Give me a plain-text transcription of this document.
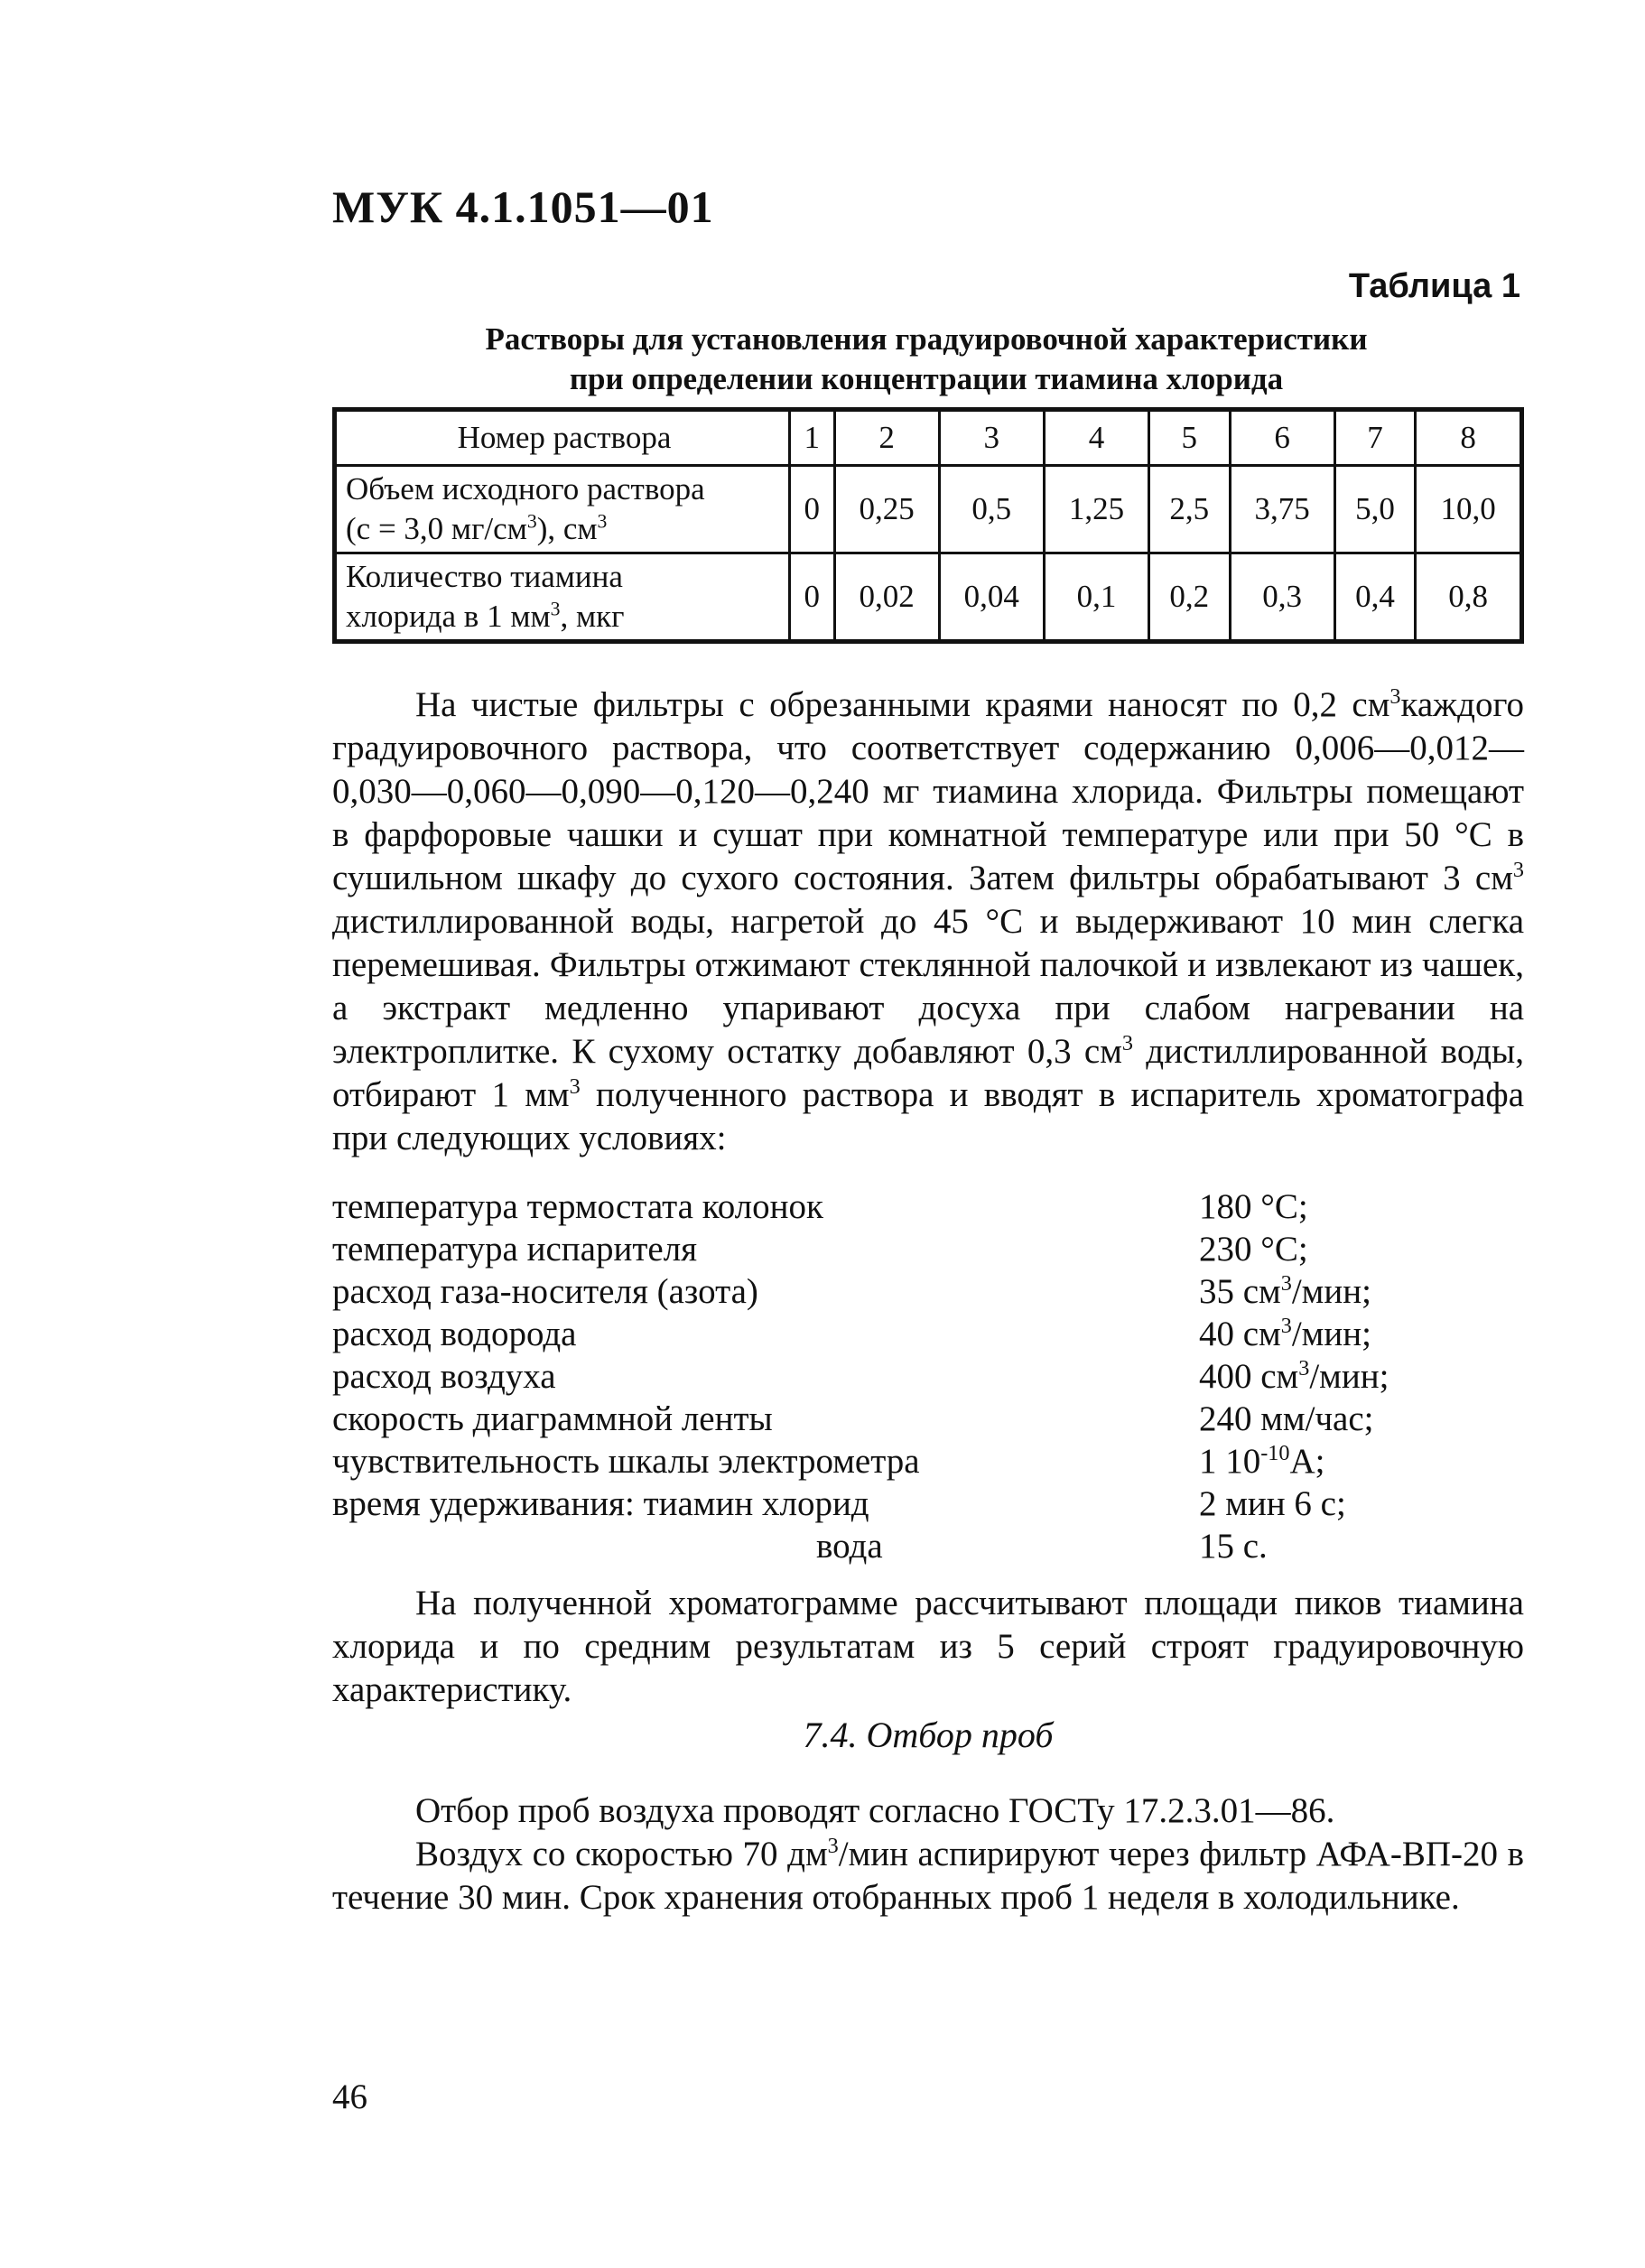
МУК 4.1.1051—01
Таблица 1
Растворы для установления градуировочной характеристики
при определении концентрации тиамина хлорида
Номер раствора	1	2	3	4	5	6	7	8
Объем исходного раствора
(с = 3,0 $мг/см^3$), $см^3$	0	0,25	0,5	1,25	2,5	3,75	5,0	10,0
Количество тиамина
хлорида в 1 $мм^3$, мкг	0	0,02	0,04	0,1	0,2	0,3	0,4	0,8

На чистые фильтры с обрезанными краями наносят по 0,2 $см^3каждого$ градуировочного раствора, что соответствует содержанию 0,006—0,012—0,030—0,060—0,090—0,120—0,240 мг тиамина хлорида. Фильтры помещают в фарфоровые чашки и сушат при комнатной температуре или при 50 °С в сушильном шкафу до сухого состояния. Затем фильтры обрабатывают 3 $см^3$ дистиллированной воды, нагретой до 45 °С и выдерживают 10 мин слегка перемешивая. Фильтры отжимают стеклянной палочкой и извлекают из чашек, а экстракт медленно упаривают досуха при слабом нагревании на электроплитке. К сухому остатку добавляют 0,3 $см^3$ дистиллированной воды, отбирают 1 $мм^3$ полученного раствора и вводят в испаритель хроматографа при следующих условиях:

температура термостата колонок	180 °С;
температура испарителя	230 °С;
расход газа-носителя (азота)	35 $см^3$/мин;
расход водорода	40 $см^3$/мин;
расход воздуха	400 $см^3$/мин;
скорость диаграммной ленты	240 мм/час;
чувствительность шкалы электрометра	1 $10^{-10}А$;
время удерживания: тиамин хлорид	2 мин 6 с;
вода	15 с.

На полученной хроматограмме рассчитывают площади пиков тиамина хлорида и по средним результатам из 5 серий строят градуировочную характеристику.

7.4. Отбор проб

Отбор проб воздуха проводят согласно ГОСТу 17.2.3.01—86.

Воздух со скоростью 70 $дм^3$/мин аспирируют через фильтр АФА-ВП-20 в течение 30 мин. Срок хранения отобранных проб 1 неделя в холодильнике.

46
